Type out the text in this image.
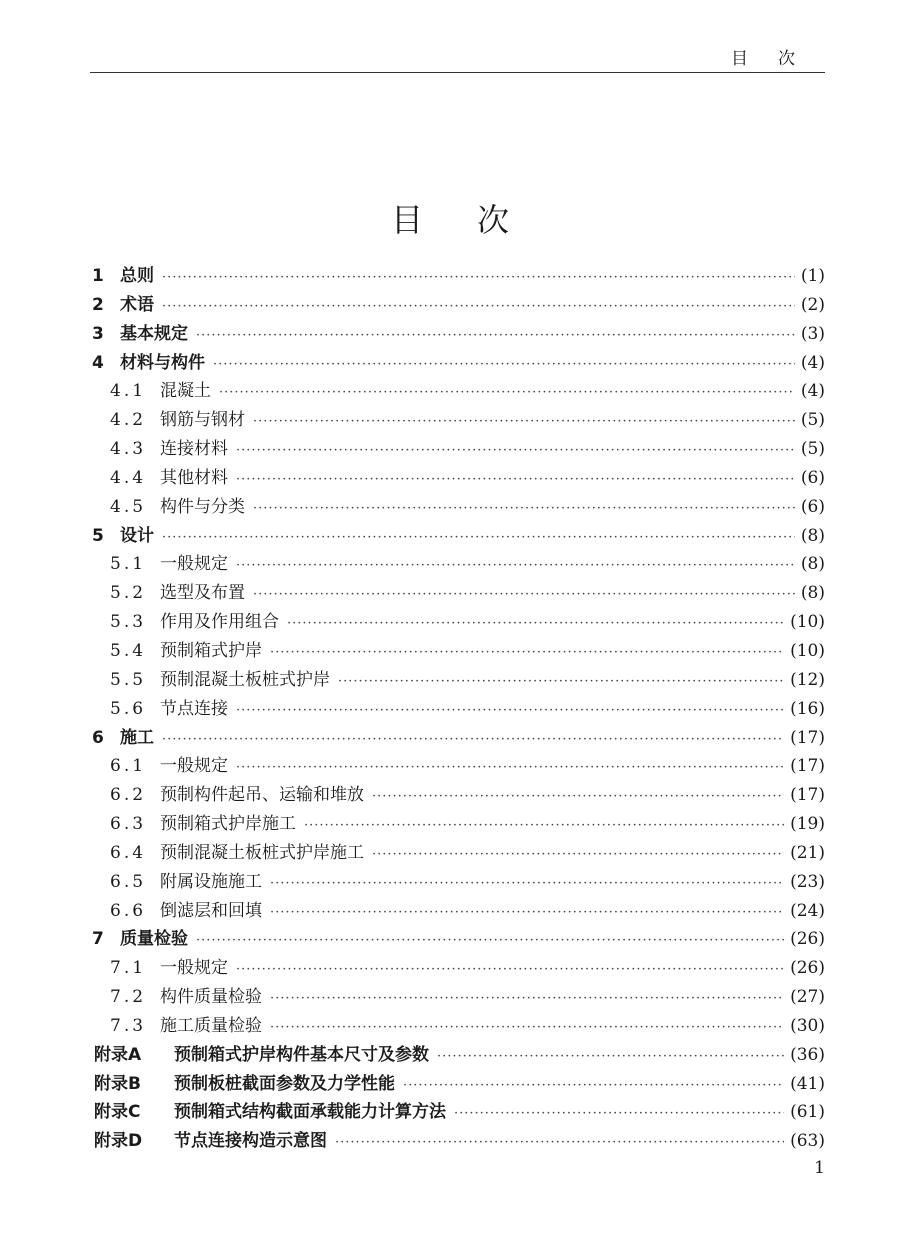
目次
目次
1 总则 ·····	(1)
2 术语 ·····	(2)
3 基本规定 ·····	(3)
4 材料与构件 ·····	(4)
4.1 混凝土 ·····	(4)
4.2 钢筋与钢材 ·····	(5)
4.3 连接材料 ·····	(5)
4.4 其他材料 ·····	(6)
4.5 构件与分类 ·····	(6)
5 设计 ·····	(8)
5.1 一般规定 ·····	(8)
5.2 选型及布置 ·····	(8)
5.3 作用及作用组合 ·····	(10)
5.4 预制箱式护岸 ·····	(10)
5.5 预制混凝土板桩式护岸 ·····	(12)
5.6 节点连接 ·····	(16)
6 施工 ·····	(17)
6.1 一般规定 ·····	(17)
6.2 预制构件起吊、运输和堆放 ·····	(17)
6.3 预制箱式护岸施工 ·····	(19)
6.4 预制混凝土板桩式护岸施工 ·····	(21)
6.5 附属设施施工 ·····	(23)
6.6 倒滤层和回填 ·····	(24)
7 质量检验 ·····	(26)
7.1 一般规定 ·····	(26)
7.2 构件质量检验 ·····	(27)
7.3 施工质量检验 ·····	(30)
附录A	预制箱式护岸构件基本尺寸及参数 ·····	(36)
附录B	预制板桩截面参数及力学性能 ·····	(41)
附录C	预制箱式结构截面承载能力计算方法 ·····	(61)
附录D	节点连接构造示意图 ·····	(63)
1
